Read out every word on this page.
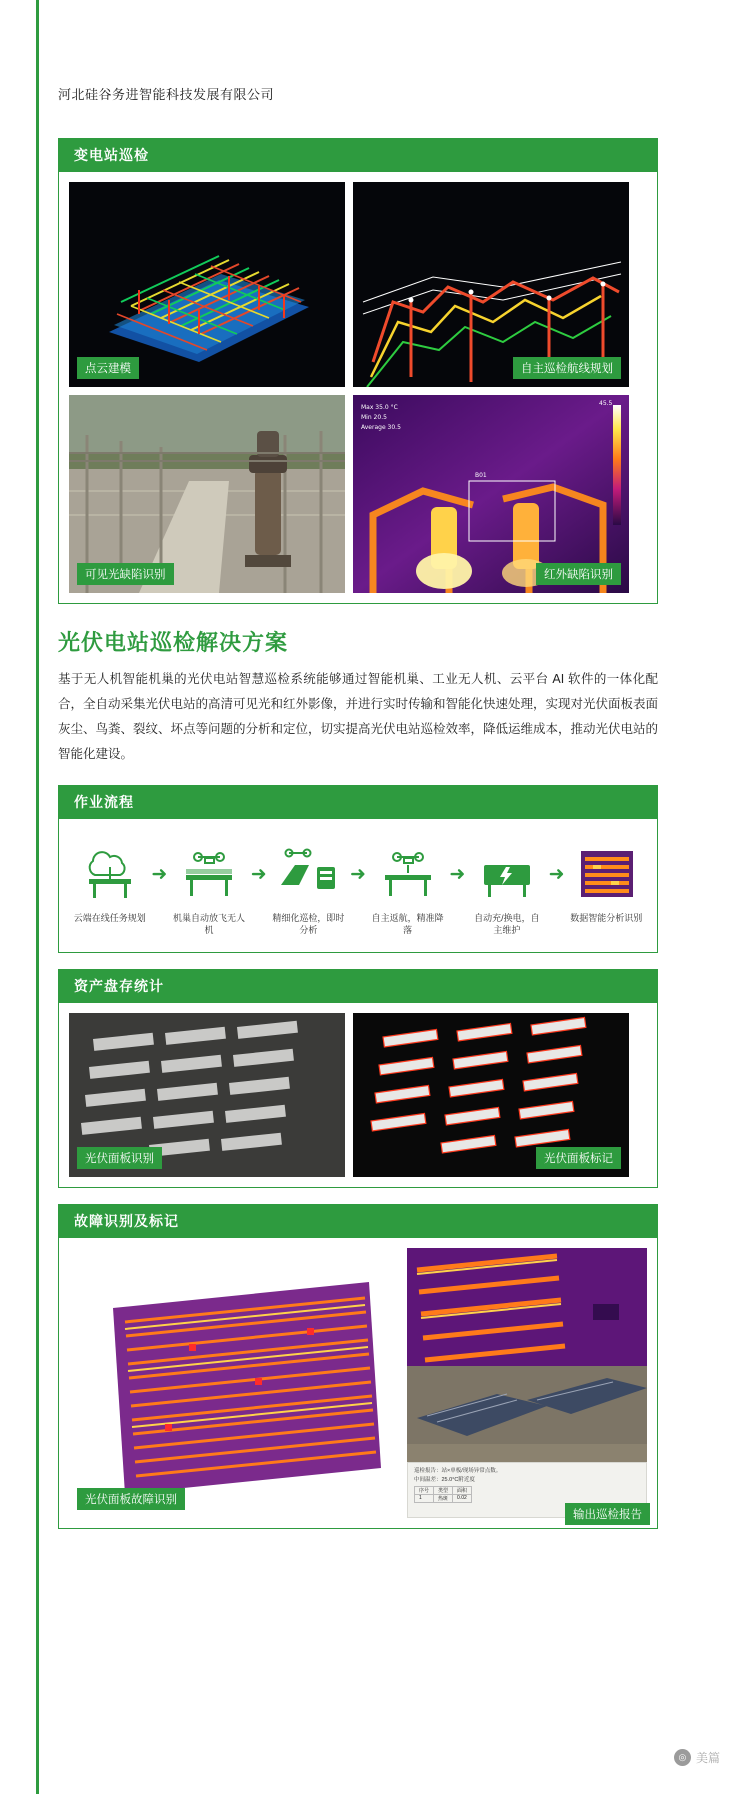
河北硅谷务进智能科技发展有限公司
变电站巡检
点云建模	自主巡检航线规划
可见光缺陷识别
B01
Max 35.0 °C
Min 20.5
Average 30.5
45.5
红外缺陷识别
光伏电站巡检解决方案
基于无人机智能机巢的光伏电站智慧巡检系统能够通过智能机巢、工业无人机、云平台 AI 软件的一体化配合，全自动采集光伏电站的高清可见光和红外影像，并进行实时传输和智能化快速处理，实现对光伏面板表面灰尘、鸟粪、裂纹、坏点等问题的分析和定位，切实提高光伏电站巡检效率，降低运维成本，推动光伏电站的智能化建设。
作业流程
云端在线任务规划
➜
机巢自动放飞无人机
➜
精细化巡检，即时分析
➜
自主返航，精准降落
➜
自动充/换电，自主维护
➜
数据智能分析识别
资产盘存统计
光伏面板识别	光伏面板标记
故障识别及标记
光伏面板故障识别
巡检报告：站×单板/现场异常点数。
中间温差：25.0°C附近度
序号	类型	面积
1	热斑	0.02
输出巡检报告
◎ 美篇
